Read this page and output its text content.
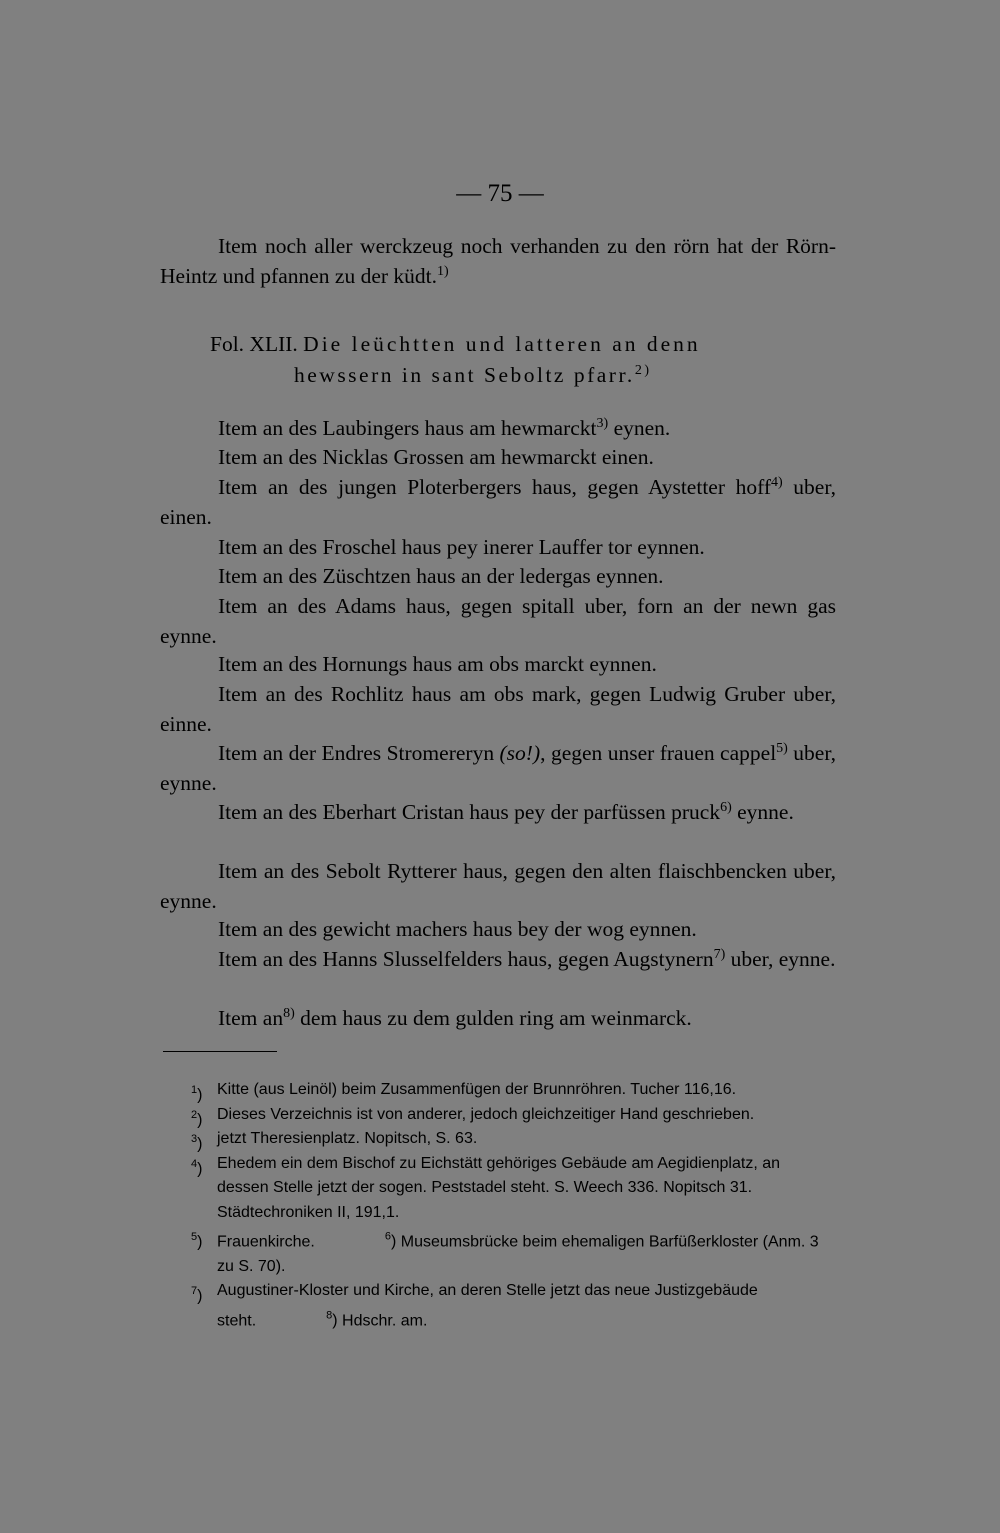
— 75 —

Item noch aller werckzeug noch verhanden zu den rörn hat der Rörn-Heintz und pfannen zu der küdt.$^{1)}$

Fol. XLII. Die leüchtten und latteren an denn
hewssern in sant Seboltz pfarr.$^{2)}$

Item an des Laubingers haus am hewmarckt$^{3)}$ eynen.

Item an des Nicklas Grossen am hewmarckt einen.

Item an des jungen Ploterbergers haus, gegen Aystetter hoff$^{4)}$ uber, einen.

Item an des Froschel haus pey inerer Lauffer tor eynnen.

Item an des Züschtzen haus an der ledergas eynnen.

Item an des Adams haus, gegen spitall uber, forn an der newn gas eynne.

Item an des Hornungs haus am obs marckt eynnen.

Item an des Rochlitz haus am obs mark, gegen Ludwig Gruber uber, einne.

Item an der Endres Stromereryn (so!), gegen unser frauen cappel$^{5)}$ uber, eynne.

Item an des Eberhart Cristan haus pey der parfüssen pruck$^{6)}$ eynne.

Item an des Sebolt Rytterer haus, gegen den alten flaischbencken uber, eynne.

Item an des gewicht machers haus bey der wog eynnen.

Item an des Hanns Slusselfelders haus, gegen Augstynern$^{7)}$ uber, eynne.

Item an$^{8)}$ dem haus zu dem gulden ring am weinmarck.

$^1$) Kitte (aus Leinöl) beim Zusammenfügen der Brunnröhren. Tucher 116,16.

$^2$) Dieses Verzeichnis ist von anderer, jedoch gleichzeitiger Hand geschrieben.

$^3$) jetzt Theresienplatz. Nopitsch, S. 63.

$^4$) Ehedem ein dem Bischof zu Eichstätt gehöriges Gebäude am Aegidienplatz, an dessen Stelle jetzt der sogen. Peststadel steht. S. Weech 336. Nopitsch 31. Städtechroniken II, 191,1.

$^5$) Frauenkirche.	$^6$) Museumsbrücke beim ehemaligen Barfüßerkloster (Anm. 3 zu S. 70).

$^7$) Augustiner-Kloster und Kirche, an deren Stelle jetzt das neue Justizgebäude steht.	$^8$) Hdschr. am.
